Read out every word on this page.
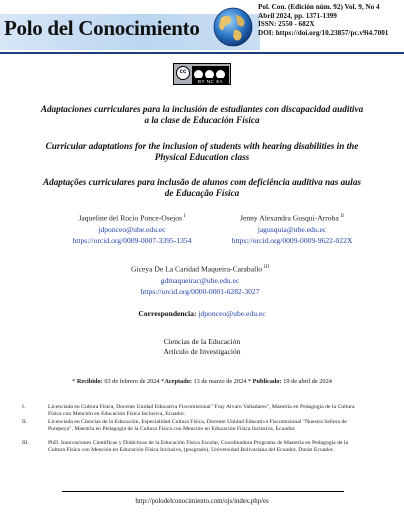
Polo del Conocimiento
Pol. Con. (Edición núm. 92) Vol. 9, No 4
Abril 2024, pp. 1371-1399
ISSN: 2550 - 682X
DOI: https://doi.org/10.23857/pc.v9i4.7001
cc
BY NC SA
Adaptaciones curriculares para la inclusión de estudiantes con discapacidad auditiva a la clase de Educación Física
Curricular adaptations for the inclusion of students with hearing disabilities in the Physical Education class
Adaptações curriculares para inclusão de alunos com deficiência auditiva nas aulas de Educação Física
Jaqueline del Rocio Ponce-Osejos $^I$
jdponceo@ube.edu.ec
https://orcid.org/0009-0007-3395-1354
Jenny Alexandra Gusqui-Arroba $^{II}$
jagusquia@ube.edu.ec
https://orcid.org/0009-0009-9622-022X
Giceya De La Caridad Maqueira-Caraballo $^{III}$
gdmaqueirac@ube.edu.ec
https://orcid.org/0000-0001-6282-3027
Correspondencia: jdponceo@ube.edu.ec
Ciencias de la Educación
Artículo de Investigación
* Recibido: 03 de febrero de 2024 *Aceptado: 13 de marzo de 2024 * Publicado: 19 de abril de 2024
I.	Licenciada en Cultura Física, Docente Unidad Educativa Fiscomisional "Fray Alvaro Valladares", Maestría en Pedagogía de la Cultura Física con Mención en Educación Física Inclusiva, Ecuador.
II.	Licenciada en Ciencias de la Educación, Especialidad Cultura Física, Docente Unidad Educativa Fiscomisional "Nuestra Señora de Pompeya", Maestría en Pedagogía de la Cultura Física con Mención en Educación Física Inclusiva, Ecuador.
III.	PhD. Innovaciones Científicas y Didácticas de la Educación Física Escolar, Coordinadora Programa de Maestría en Pedagogía de la Cultura Física con Mención en Educación Física Inclusiva, (posgrado), Universidad Bolivariana del Ecuador, Durán Ecuador.
http://polodelconocimiento.com/ojs/index.php/es
